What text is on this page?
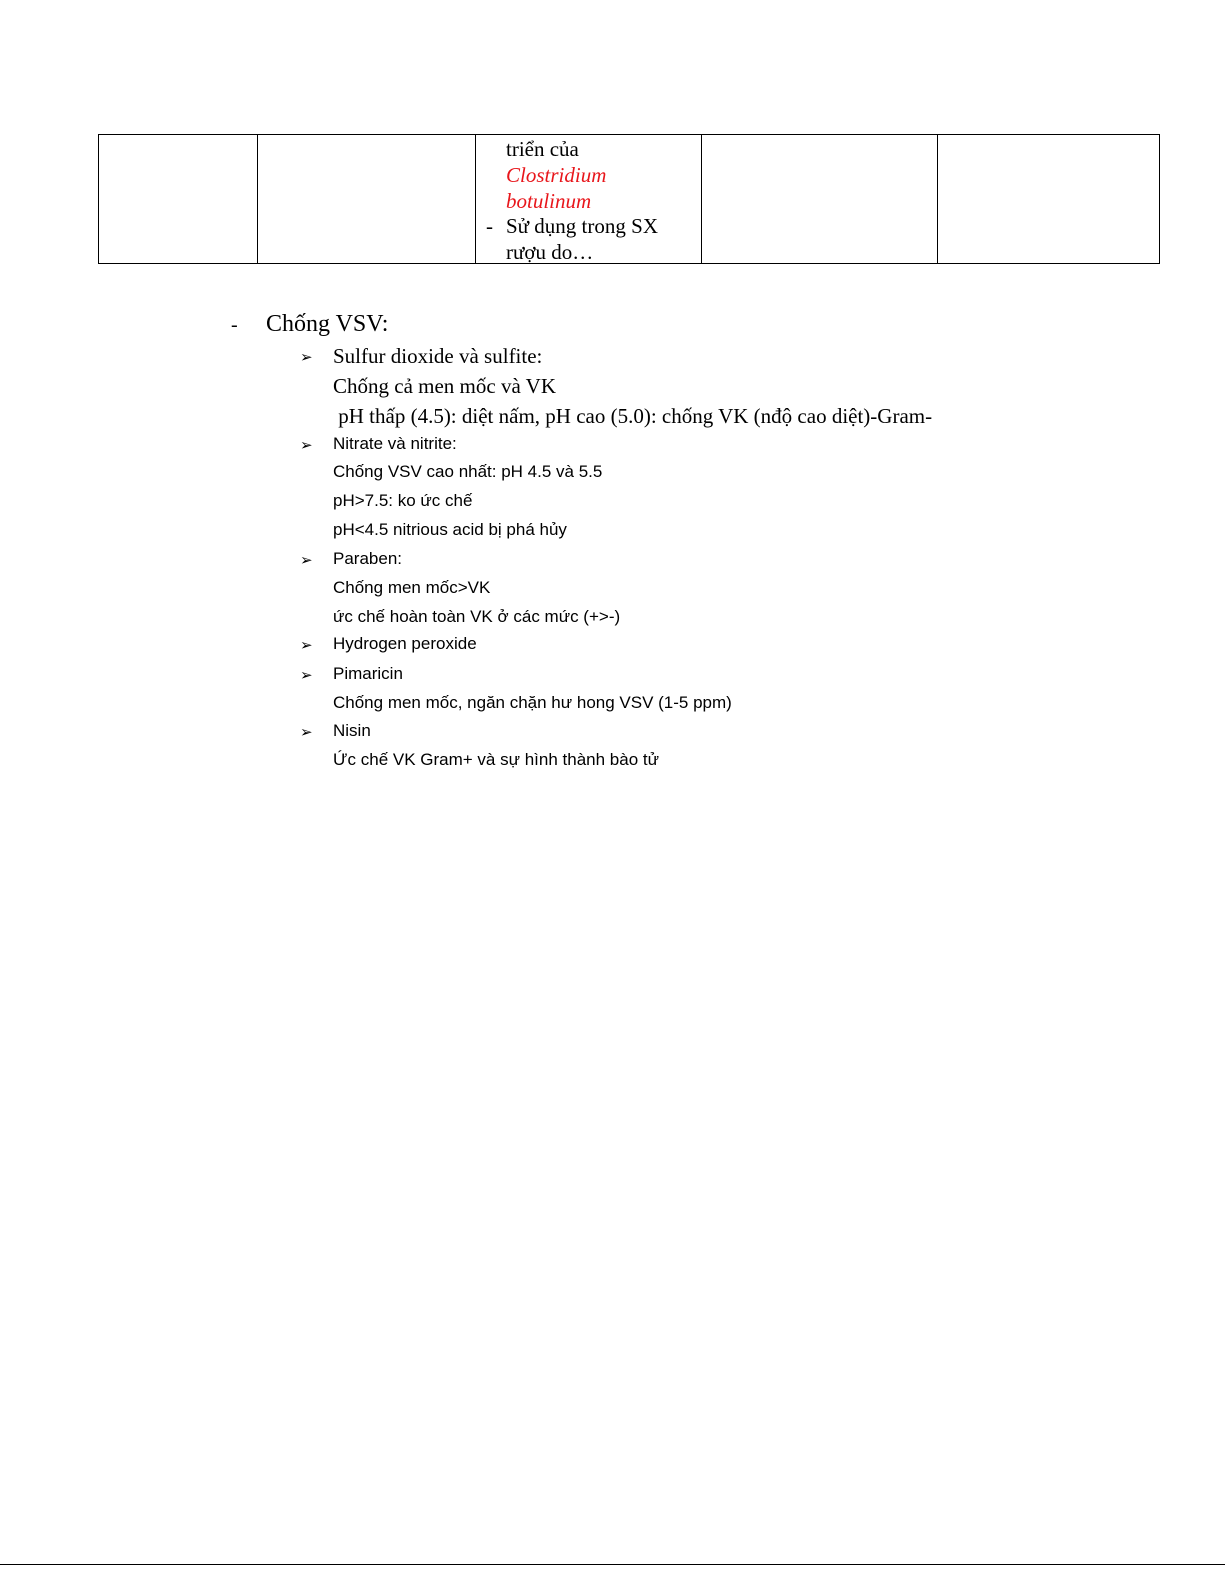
triển của
Clostridium
botulinum
- Sử dụng trong SX
rượu do…

- Chống VSV:
➢ Sulfur dioxide và sulfite:
Chống cả men mốc và VK
pH thấp (4.5): diệt nấm, pH cao (5.0): chống VK (nđộ cao diệt)-Gram-
➢ Nitrate và nitrite:
Chống VSV cao nhất: pH 4.5 và 5.5
pH>7.5: ko ức chế
pH<4.5 nitrious acid bị phá hủy
➢ Paraben:
Chống men mốc>VK
ức chế hoàn toàn VK ở các mức (+>-)
➢ Hydrogen peroxide
➢ Pimaricin
Chống men mốc, ngăn chặn hư hong VSV (1-5 ppm)
➢ Nisin
Ức chế VK Gram+ và sự hình thành bào tử
